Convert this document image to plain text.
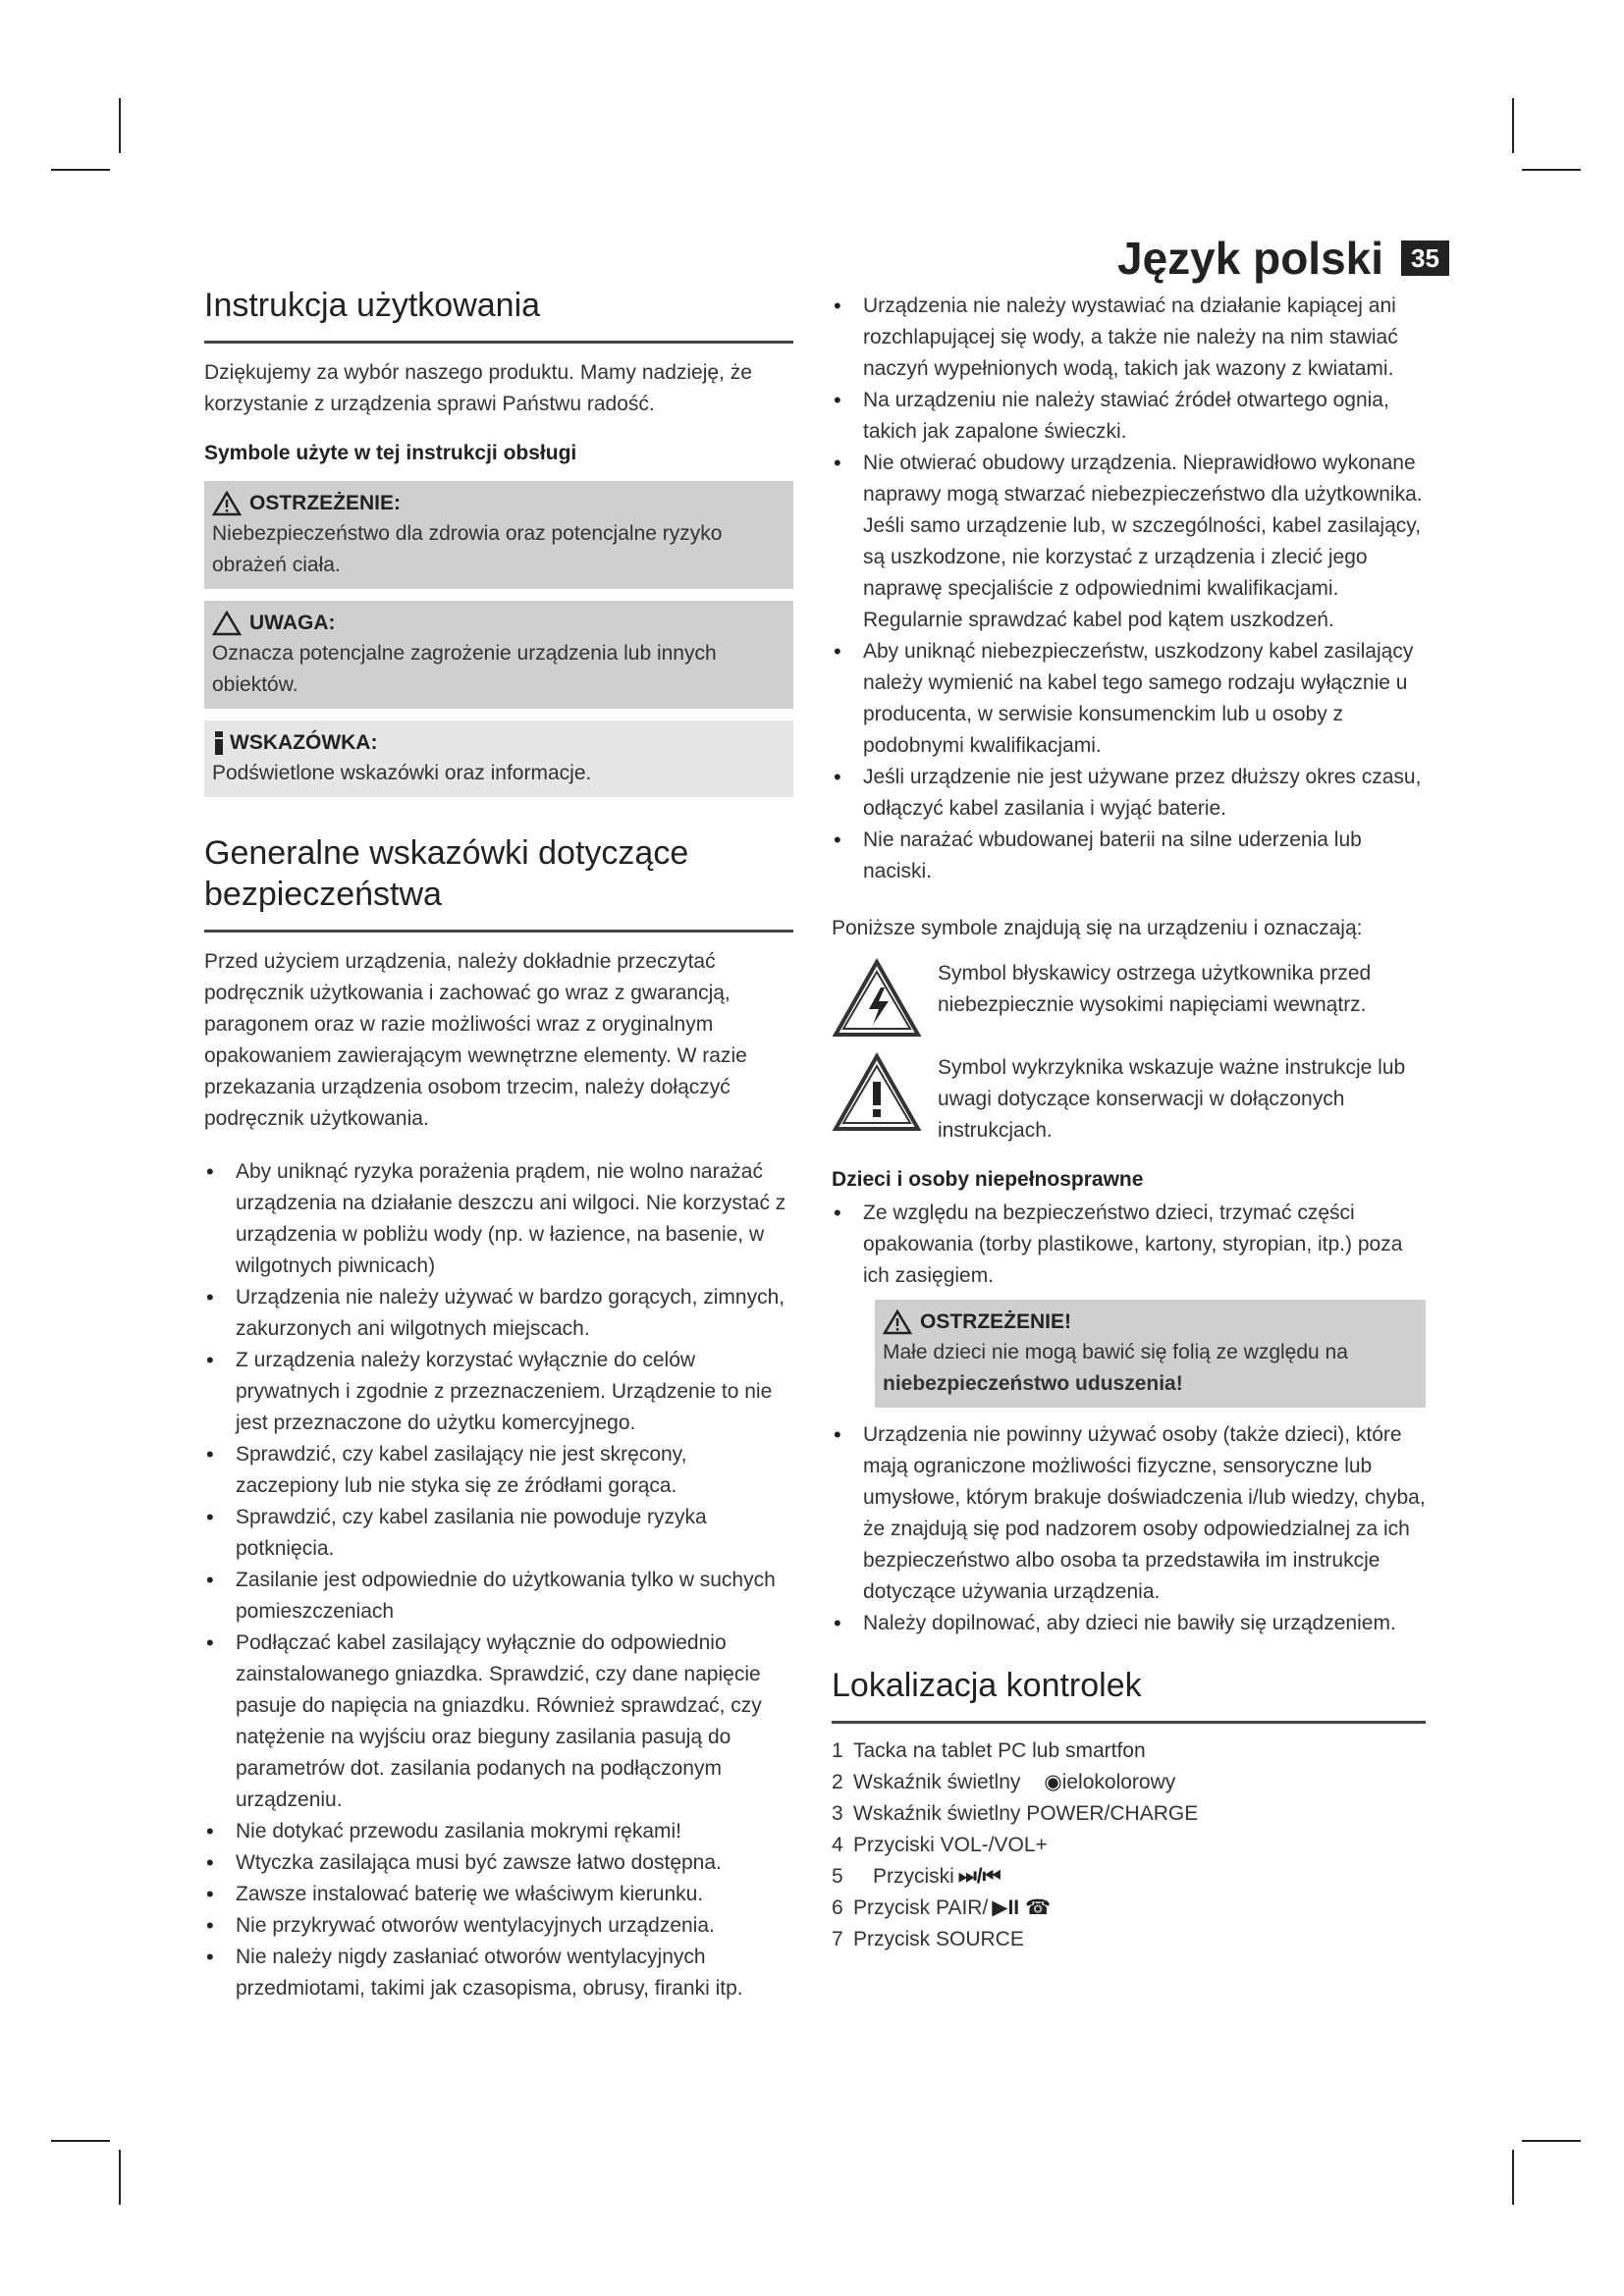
Język polski	35
Instrukcja użytkowania

Dziękujemy za wybór naszego produktu. Mamy nadzieję, że korzystanie z urządzenia sprawi Państwu radość.

Symbole użyte w tej instrukcji obsługi
OSTRZEŻENIE:
Niebezpieczeństwo dla zdrowia oraz potencjalne ryzyko obrażeń ciała.
UWAGA:
Oznacza potencjalne zagrożenie urządzenia lub innych obiektów.
WSKAZÓWKA:
Podświetlone wskazówki oraz informacje.
Generalne wskazówki dotyczące bezpieczeństwa

Przed użyciem urządzenia, należy dokładnie przeczytać podręcznik użytkowania i zachować go wraz z gwarancją, paragonem oraz w razie możliwości wraz z oryginalnym opakowaniem zawierającym wewnętrzne elementy. W razie przekazania urządzenia osobom trzecim, należy dołączyć podręcznik użytkowania.

• Aby uniknąć ryzyka porażenia prądem, nie wolno narażać urządzenia na działanie deszczu ani wilgoci. Nie korzystać z urządzenia w pobliżu wody (np. w łazience, na basenie, w wilgotnych piwnicach)
• Urządzenia nie należy używać w bardzo gorących, zimnych, zakurzonych ani wilgotnych miejscach.
• Z urządzenia należy korzystać wyłącznie do celów prywatnych i zgodnie z przeznaczeniem. Urządzenie to nie jest przeznaczone do użytku komercyjnego.
• Sprawdzić, czy kabel zasilający nie jest skręcony, zaczepiony lub nie styka się ze źródłami gorąca.
• Sprawdzić, czy kabel zasilania nie powoduje ryzyka potknięcia.
• Zasilanie jest odpowiednie do użytkowania tylko w suchych pomieszczeniach
• Podłączać kabel zasilający wyłącznie do odpowiednio zainstalowanego gniazdka. Sprawdzić, czy dane napięcie pasuje do napięcia na gniazdku. Również sprawdzać, czy natężenie na wyjściu oraz bieguny zasilania pasują do parametrów dot. zasilania podanych na podłączonym urządzeniu.
• Nie dotykać przewodu zasilania mokrymi rękami!
• Wtyczka zasilająca musi być zawsze łatwo dostępna.
• Zawsze instalować baterię we właściwym kierunku.
• Nie przykrywać otworów wentylacyjnych urządzenia.
• Nie należy nigdy zasłaniać otworów wentylacyjnych przedmiotami, takimi jak czasopisma, obrusy, firanki itp.
• Urządzenia nie należy wystawiać na działanie kapiącej ani rozchlapującej się wody, a także nie należy na nim stawiać naczyń wypełnionych wodą, takich jak wazony z kwiatami.
• Na urządzeniu nie należy stawiać źródeł otwartego ognia, takich jak zapalone świeczki.
• Nie otwierać obudowy urządzenia. Nieprawidłowo wykonane naprawy mogą stwarzać niebezpieczeństwo dla użytkownika. Jeśli samo urządzenie lub, w szczególności, kabel zasilający, są uszkodzone, nie korzystać z urządzenia i zlecić jego naprawę specjaliście z odpowiednimi kwalifikacjami. Regularnie sprawdzać kabel pod kątem uszkodzeń.
• Aby uniknąć niebezpieczeństw, uszkodzony kabel zasilający należy wymienić na kabel tego samego rodzaju wyłącznie u producenta, w serwisie konsumenckim lub u osoby z podobnymi kwalifikacjami.
• Jeśli urządzenie nie jest używane przez dłuższy okres czasu, odłączyć kabel zasilania i wyjąć baterie.
• Nie narażać wbudowanej baterii na silne uderzenia lub naciski.

Poniższe symbole znajdują się na urządzeniu i oznaczają:

Symbol błyskawicy ostrzega użytkownika przed niebezpiecznie wysokimi napięciami wewnątrz.
Symbol wykrzyknika wskazuje ważne instrukcje lub uwagi dotyczące konserwacji w dołączonych instrukcjach.
Dzieci i osoby niepełnosprawne
• Ze względu na bezpieczeństwo dzieci, trzymać części opakowania (torby plastikowe, kartony, styropian, itp.) poza ich zasięgiem.
OSTRZEŻENIE!
Małe dzieci nie mogą bawić się folią ze względu na
niebezpieczeństwo uduszenia!
• Urządzenia nie powinny używać osoby (także dzieci), które mają ograniczone możliwości fizyczne, sensoryczne lub umysłowe, którym brakuje doświadczenia i/lub wiedzy, chyba, że znajdują się pod nadzorem osoby odpowiedzialnej za ich bezpieczeństwo albo osoba ta przedstawiła im instrukcje dotyczące używania urządzenia.
• Należy dopilnować, aby dzieci nie bawiły się urządzeniem.
Lokalizacja kontrolek
1 Tacka na tablet PC lub smartfon
2 Wskaźnik świetlny ◉ ielokolorowy
3 Wskaźnik świetlny POWER/CHARGE
4 Przyciski VOL-/VOL+
5 Przyciski ⏭/⏮
6 Przycisk PAIR/ ▶II ☎
7 Przycisk SOURCE
